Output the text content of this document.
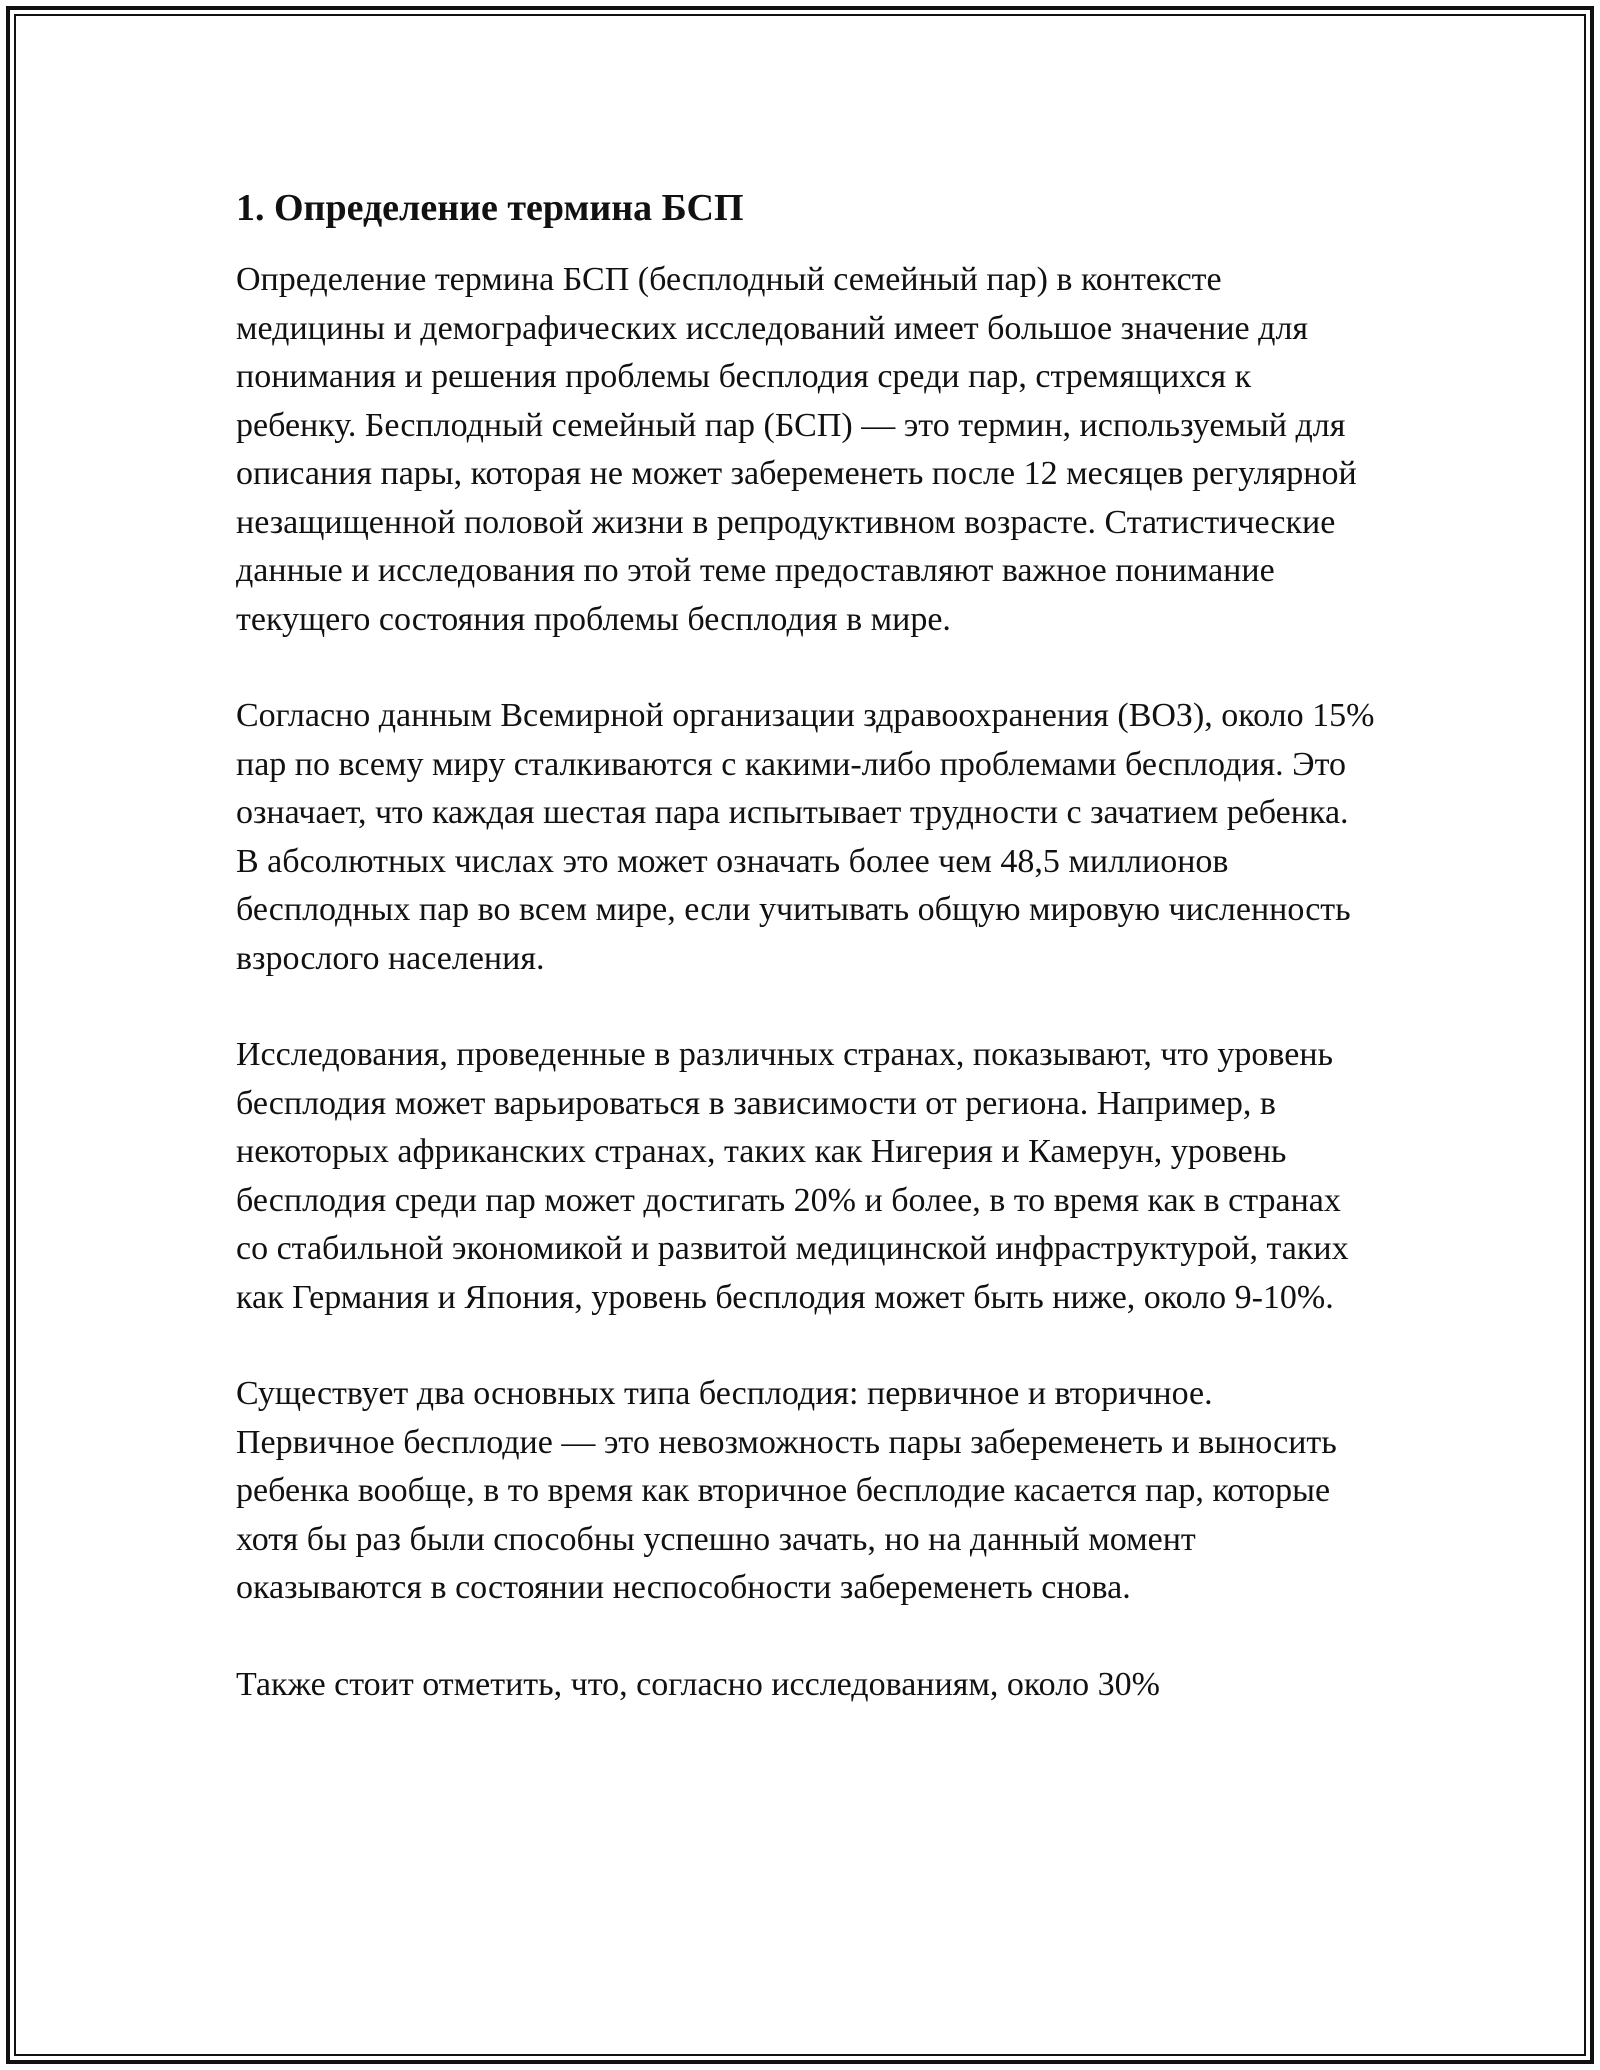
1. Определение термина БСП

Определение термина БСП (бесплодный семейный пар) в контексте медицины и демографических исследований имеет большое значение для понимания и решения проблемы бесплодия среди пар, стремящихся к ребенку. Бесплодный семейный пар (БСП) — это термин, используемый для описания пары, которая не может забеременеть после 12 месяцев регулярной незащищенной половой жизни в репродуктивном возрасте. Статистические данные и исследования по этой теме предоставляют важное понимание текущего состояния проблемы бесплодия в мире.

Согласно данным Всемирной организации здравоохранения (ВОЗ), около 15% пар по всему миру сталкиваются с какими-либо проблемами бесплодия. Это означает, что каждая шестая пара испытывает трудности с зачатием ребенка. В абсолютных числах это может означать более чем 48,5 миллионов бесплодных пар во всем мире, если учитывать общую мировую численность взрослого населения.

Исследования, проведенные в различных странах, показывают, что уровень бесплодия может варьироваться в зависимости от региона. Например, в некоторых африканских странах, таких как Нигерия и Камерун, уровень бесплодия среди пар может достигать 20% и более, в то время как в странах со стабильной экономикой и развитой медицинской инфраструктурой, таких как Германия и Япония, уровень бесплодия может быть ниже, около 9-10%.

Существует два основных типа бесплодия: первичное и вторичное. Первичное бесплодие — это невозможность пары забеременеть и выносить ребенка вообще, в то время как вторичное бесплодие касается пар, которые хотя бы раз были способны успешно зачать, но на данный момент оказываются в состоянии неспособности забеременеть снова.

Также стоит отметить, что, согласно исследованиям, около 30%
